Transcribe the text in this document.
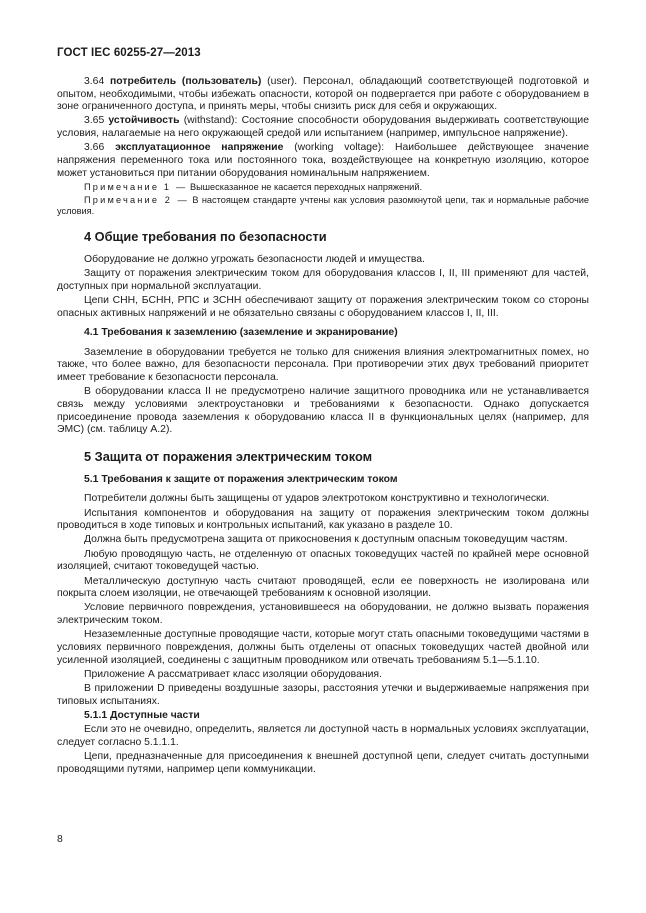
ГОСТ IEC 60255-27—2013

3.64 потребитель (пользователь) (user). Персонал, обладающий соответствующей подготовкой и опытом, необходимыми, чтобы избежать опасности, которой он подвергается при работе с оборудованием в зоне ограниченного доступа, и принять меры, чтобы снизить риск для себя и окружающих.

3.65 устойчивость (withstand): Состояние способности оборудования выдерживать соответствующие условия, налагаемые на него окружающей средой или испытанием (например, импульсное напряжение).

3.66 эксплуатационное напряжение (working voltage): Наибольшее действующее значение напряжения переменного тока или постоянного тока, воздействующее на конкретную изоляцию, которое может установиться при питании оборудования номинальным напряжением.

Примечание 1 — Вышесказанное не касается переходных напряжений.

Примечание 2 — В настоящем стандарте учтены как условия разомкнутой цепи, так и нормальные рабочие условия.

4 Общие требования по безопасности

Оборудование не должно угрожать безопасности людей и имущества.

Защиту от поражения электрическим током для оборудования классов I, II, III применяют для частей, доступных при нормальной эксплуатации.

Цепи СНН, БСНН, РПС и ЗСНН обеспечивают защиту от поражения электрическим током со стороны опасных активных напряжений и не обязательно связаны с оборудованием классов I, II, III.

4.1 Требования к заземлению (заземление и экранирование)

Заземление в оборудовании требуется не только для снижения влияния электромагнитных помех, но также, что более важно, для безопасности персонала. При противоречии этих двух требований приоритет имеет требование к безопасности персонала.

В оборудовании класса II не предусмотрено наличие защитного проводника или не устанавливается связь между условиями электроустановки и требованиями к безопасности. Однако допускается присоединение провода заземления к оборудованию класса II в функциональных целях (например, для ЭМС) (см. таблицу А.2).

5 Защита от поражения электрическим током
5.1 Требования к защите от поражения электрическим током

Потребители должны быть защищены от ударов электротоком конструктивно и технологически.

Испытания компонентов и оборудования на защиту от поражения электрическим током должны проводиться в ходе типовых и контрольных испытаний, как указано в разделе 10.

Должна быть предусмотрена защита от прикосновения к доступным опасным токоведущим частям.

Любую проводящую часть, не отделенную от опасных токоведущих частей по крайней мере основной изоляцией, считают токоведущей частью.

Металлическую доступную часть считают проводящей, если ее поверхность не изолирована или покрыта слоем изоляции, не отвечающей требованиям к основной изоляции.

Условие первичного повреждения, установившееся на оборудовании, не должно вызвать поражения электрическим током.

Незаземленные доступные проводящие части, которые могут стать опасными токоведущими частями в условиях первичного повреждения, должны быть отделены от опасных токоведущих частей двойной или усиленной изоляцией, соединены с защитным проводником или отвечать требованиям 5.1—5.1.10.

Приложение А рассматривает класс изоляции оборудования.

В приложении D приведены воздушные зазоры, расстояния утечки и выдерживаемые напряжения при типовых испытаниях.

5.1.1 Доступные части

Если это не очевидно, определить, является ли доступной часть в нормальных условиях эксплуатации, следует согласно 5.1.1.1.

Цепи, предназначенные для присоединения к внешней доступной цепи, следует считать доступными проводящими путями, например цепи коммуникации.

8
